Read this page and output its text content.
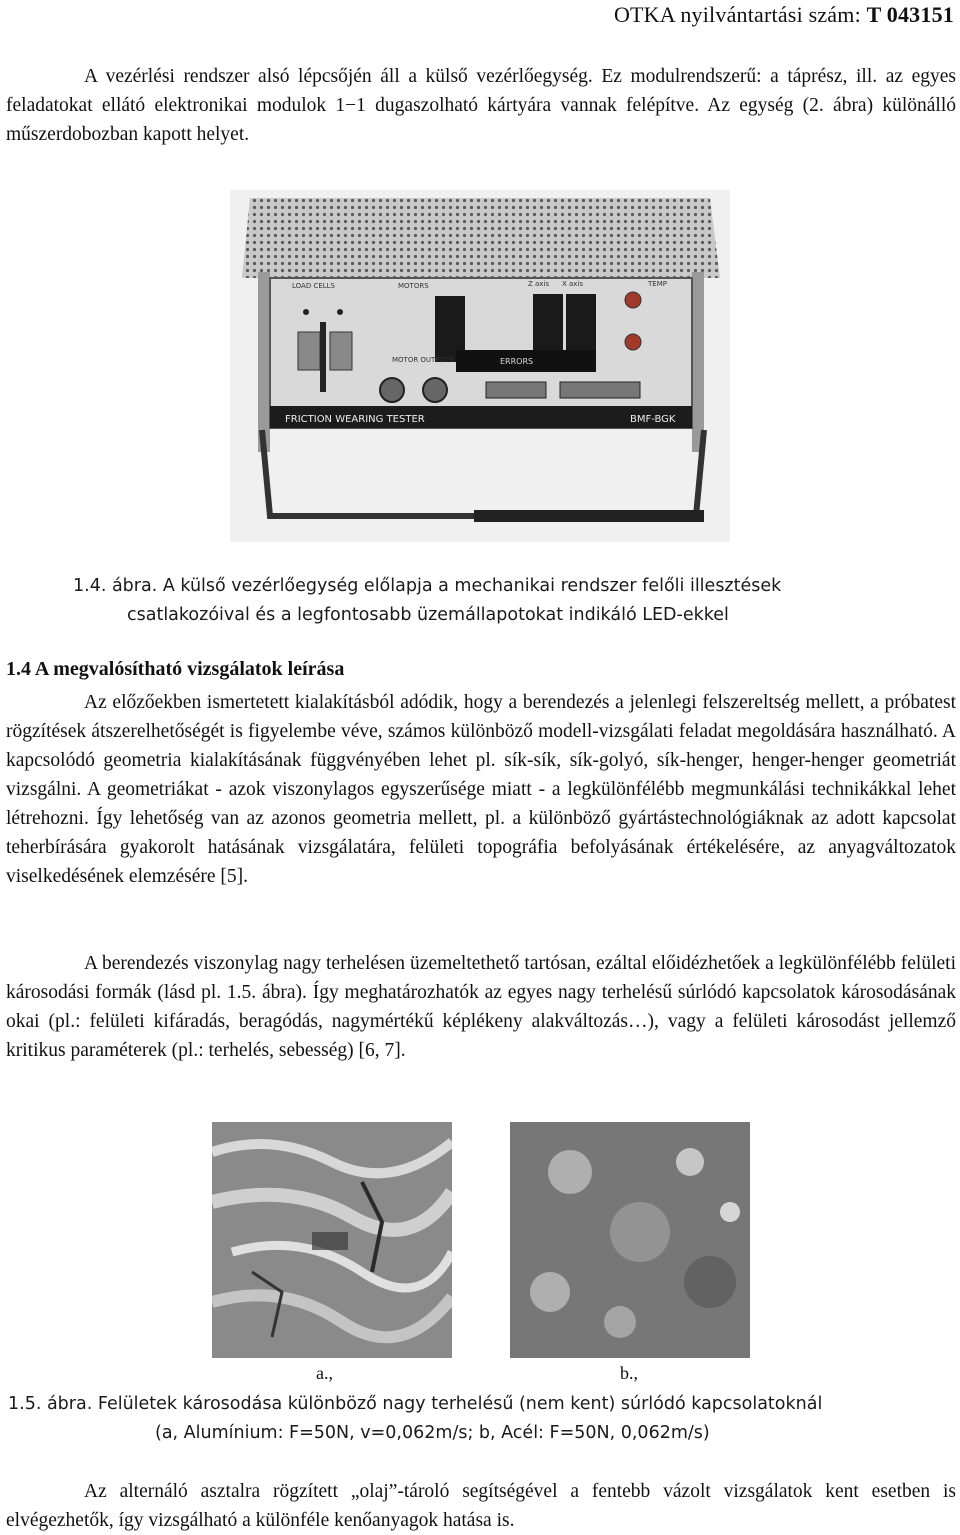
OTKA nyilvántartási szám: T 043151
A vezérlési rendszer alsó lépcsőjén áll a külső vezérlőegység. Ez modulrendszerű: a táprész, ill. az egyes feladatokat ellátó elektronikai modulok 1−1 dugaszolható kártyára vannak felépítve. Az egység (2. ábra) különálló műszerdobozban kapott helyet.
LOAD CELLS	MOTORS	Z axis X axis	TEMP
ERRORS
MOTOR OUTPUTS
FRICTION WEARING TESTER	BMF-BGK
1.4. ábra. A külső vezérlőegység előlapja a mechanikai rendszer felőli illesztések
csatlakozóival és a legfontosabb üzemállapotokat indikáló LED-ekkel
1.4 A megvalósítható vizsgálatok leírása
Az előzőekben ismertetett kialakításból adódik, hogy a berendezés a jelenlegi felszereltség mellett, a próbatest rögzítések átszerelhetőségét is figyelembe véve, számos különböző modell-vizsgálati feladat megoldására használható. A kapcsolódó geometria kialakításának függvényében lehet pl. sík-sík, sík-golyó, sík-henger, henger-henger geometriát vizsgálni. A geometriákat - azok viszonylagos egyszerűsége miatt - a legkülönfélébb megmunkálási technikákkal lehet létrehozni. Így lehetőség van az azonos geometria mellett, pl. a különböző gyártástechnológiáknak az adott kapcsolat teherbírására gyakorolt hatásának vizsgálatára, felületi topográfia befolyásának értékelésére, az anyagváltozatok viselkedésének elemzésére [5].
A berendezés viszonylag nagy terhelésen üzemeltethető tartósan, ezáltal előidézhetőek a legkülönfélébb felületi károsodási formák (lásd pl. 1.5. ábra). Így meghatározhatók az egyes nagy terhelésű súrlódó kapcsolatok károsodásának okai (pl.: felületi kifáradás, beragódás, nagymértékű képlékeny alakváltozás…), vagy a felületi károsodást jellemző kritikus paraméterek (pl.: terhelés, sebesség) [6, 7].
a.,	b.,
1.5. ábra. Felületek károsodása különböző nagy terhelésű (nem kent) súrlódó kapcsolatoknál
(a, Alumínium: F=50N, v=0,062m/s; b, Acél: F=50N, 0,062m/s)
Az alternáló asztalra rögzített „olaj”-tároló segítségével a fentebb vázolt vizsgálatok kent esetben is elvégezhetők, így vizsgálható a különféle kenőanyagok hatása is.
